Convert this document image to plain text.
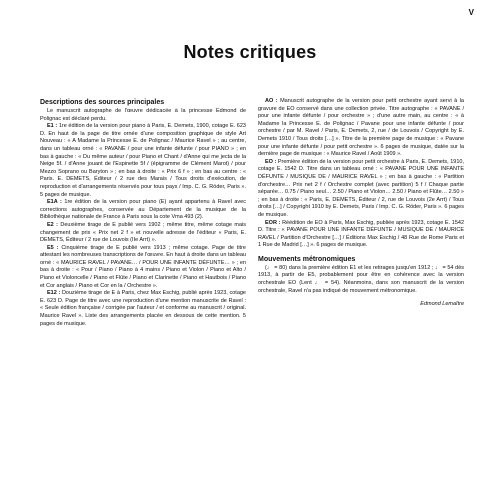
V
Notes critiques

Descriptions des sources principales

Le manuscrit autographe de l'œuvre dédicacée à la princesse Edmond de Polignac est déclaré perdu.

E1 : 1re édition de la version pour piano à Paris, E. Demets, 1900, cotage E. 623 D. En haut de la page de titre ornée d'une composition graphique de style Art Nouveau : « A Madame la Princesse E. de Polignac / Maurice Ravel » ; au centre, dans un tableau orné : « PAVANE / pour une infante défunte / pour PIANO » ; en bas à gauche : « Du même auteur / pour Piano et Chant / d'Anne qui me jecta de la Neige 5f. / d'Anne jouant de l'Espinette 5f / (épigramme de Clément Marot) / pour Mezzo Soprano ou Baryton » ; en bas à droite : « Prix 6 f » ; en bas au centre : « Paris. E. DEMETS, Éditeur / 2 rue des Marais / Tous droits d'exécution, de reproduction et d'arrangements réservés pour tous pays / Imp. C. G. Röder, Paris ». 5 pages de musique.

E1A : 1re édition de la version pour piano (E) ayant appartenu à Ravel avec corrections autographes, conservée au Département de la musique de la Bibliothèque nationale de France à Paris sous la cote Vma 493 (2).

E2 : Deuxième tirage de E publié vers 1902 ; même titre, même cotage mais changement de prix « Prix net 2 f » et nouvelle adresse de l'éditeur « Paris, E. DEMETS, Éditeur / 2 rue de Louvois (IIe Arrt) ».

E5 : Cinquième tirage de E publié vers 1913 ; même cotage. Page de titre attestant les nombreuses transcriptions de l'œuvre. En haut à droite dans un tableau orné : « MAURICE RAVEL / PAVANE… / POUR UNE INFANTE DÉFUNTE… » ; en bas à droite : « Pour / Piano / Piano à 4 mains / Piano et Violon / Piano et Alto / Piano et Violoncelle / Piano et Flûte / Piano et Clarinette / Piano et Hautbois / Piano et Cor anglais / Piano et Cor en la / Orchestre ».

E12 : Douzième tirage de E à Paris, chez Max Eschig, publié après 1923, cotage E. 623 D. Page de titre avec une reproduction d'une mention manuscrite de Ravel : « Seule édition française / corrigée par l'auteur / et conforme au manuscrit / original. Maurice Ravel ». Liste des arrangements placée en dessous de cette mention. 5 pages de musique.

AO : Manuscrit autographe de la version pour petit orchestre ayant servi à la gravure de EO conservé dans une collection privée. Titre autographe : « PAVANE / pour une infante défunte / pour orchestre » ; d'une autre main, au centre : « à Madame la Princesse E. de Polignac / Pavane pour une infante défunte / pour orchestre / par M. Ravel / Paris, E. Demets, 2, rue / de Louvois / Copyright by E. Demets 1910 / Tous droits […] ». Titre de la première page de musique : « Pavane pour une infante défunte / pour petit orchestre ». 6 pages de musique, datée sur la dernière page de musique : « Maurice Ravel / Août 1909 ».

EO : Première édition de la version pour petit orchestre à Paris, E. Demets, 1910, cotage E. 1542 D. Titre dans un tableau orné : « PAVANE POUR UNE INFANTE DÉFUNTE / MUSIQUE DE / MAURICE RAVEL » ; en bas à gauche : « Partition d'orchestre… Prix net 2 f / Orchestre complet (avec partition) 5 f / Chaque partie séparée… 0.75 / Piano seul… 2.50 / Piano et Violon… 2.50 / Piano et Flûte… 2.50 » ; en bas à droite : « Paris, E. DEMETS, Éditeur / 2, rue de Louvois (2e Arrt) / Tous droits […] / Copyright 1910 by E. Demets, Paris / Imp. C. G. Röder, Paris ». 6 pages de musique.

EOR : Réédition de EO à Paris, Max Eschig, publiée après 1923, cotage E. 1542 D. Titre : « PAVANE POUR UNE INFANTE DÉFUNTE / MUSIQUE DE / MAURICE RAVEL / Partition d'Orchestre […] / Éditions Max Eschig / 48 Rue de Rome Paris et 1 Rue de Madrid […] ». 6 pages de musique.

Mouvements métronomiques

(♩ = 80) dans la première édition E1 et les retirages jusqu'en 1912 ; ♩ = 54 dès 1913, à partir de E5, probablement pour être en cohérence avec la version orchestrale EO (Lent ♩ = 54). Néanmoins, dans son manuscrit de la version orchestrale, Ravel n'a pas indiqué de mouvement métronomique.

Edmond Lemaître
